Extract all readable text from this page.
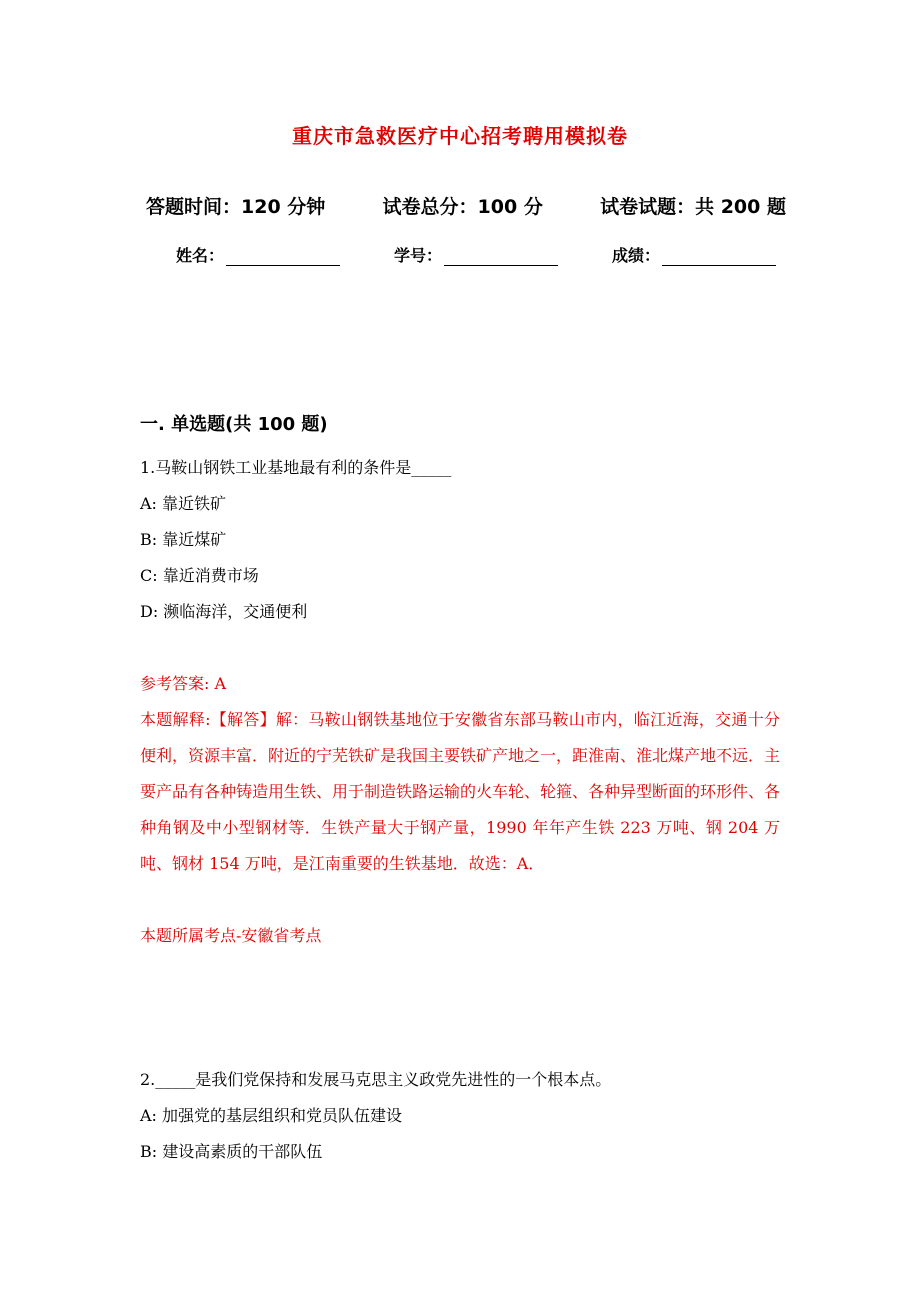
重庆市急救医疗中心招考聘用模拟卷
答题时间：120 分钟	试卷总分：100 分	试卷试题：共 200 题
姓名：	学号：	成绩：
一. 单选题(共 100 题)
1.马鞍山钢铁工业基地最有利的条件是_____
A: 靠近铁矿
B: 靠近煤矿
C: 靠近消费市场
D: 濒临海洋，交通便利
参考答案: A

本题解释:【解答】解：马鞍山钢铁基地位于安徽省东部马鞍山市内，临江近海，交通十分便利，资源丰富．附近的宁芜铁矿是我国主要铁矿产地之一，距淮南、淮北煤产地不远．主要产品有各种铸造用生铁、用于制造铁路运输的火车轮、轮箍、各种异型断面的环形件、各种角钢及中小型钢材等．生铁产量大于钢产量，1990 年年产生铁 223 万吨、钢 204 万吨、钢材 154 万吨，是江南重要的生铁基地．故选：A．

本题所属考点-安徽省考点
2._____是我们党保持和发展马克思主义政党先进性的一个根本点。
A: 加强党的基层组织和党员队伍建设
B: 建设高素质的干部队伍
